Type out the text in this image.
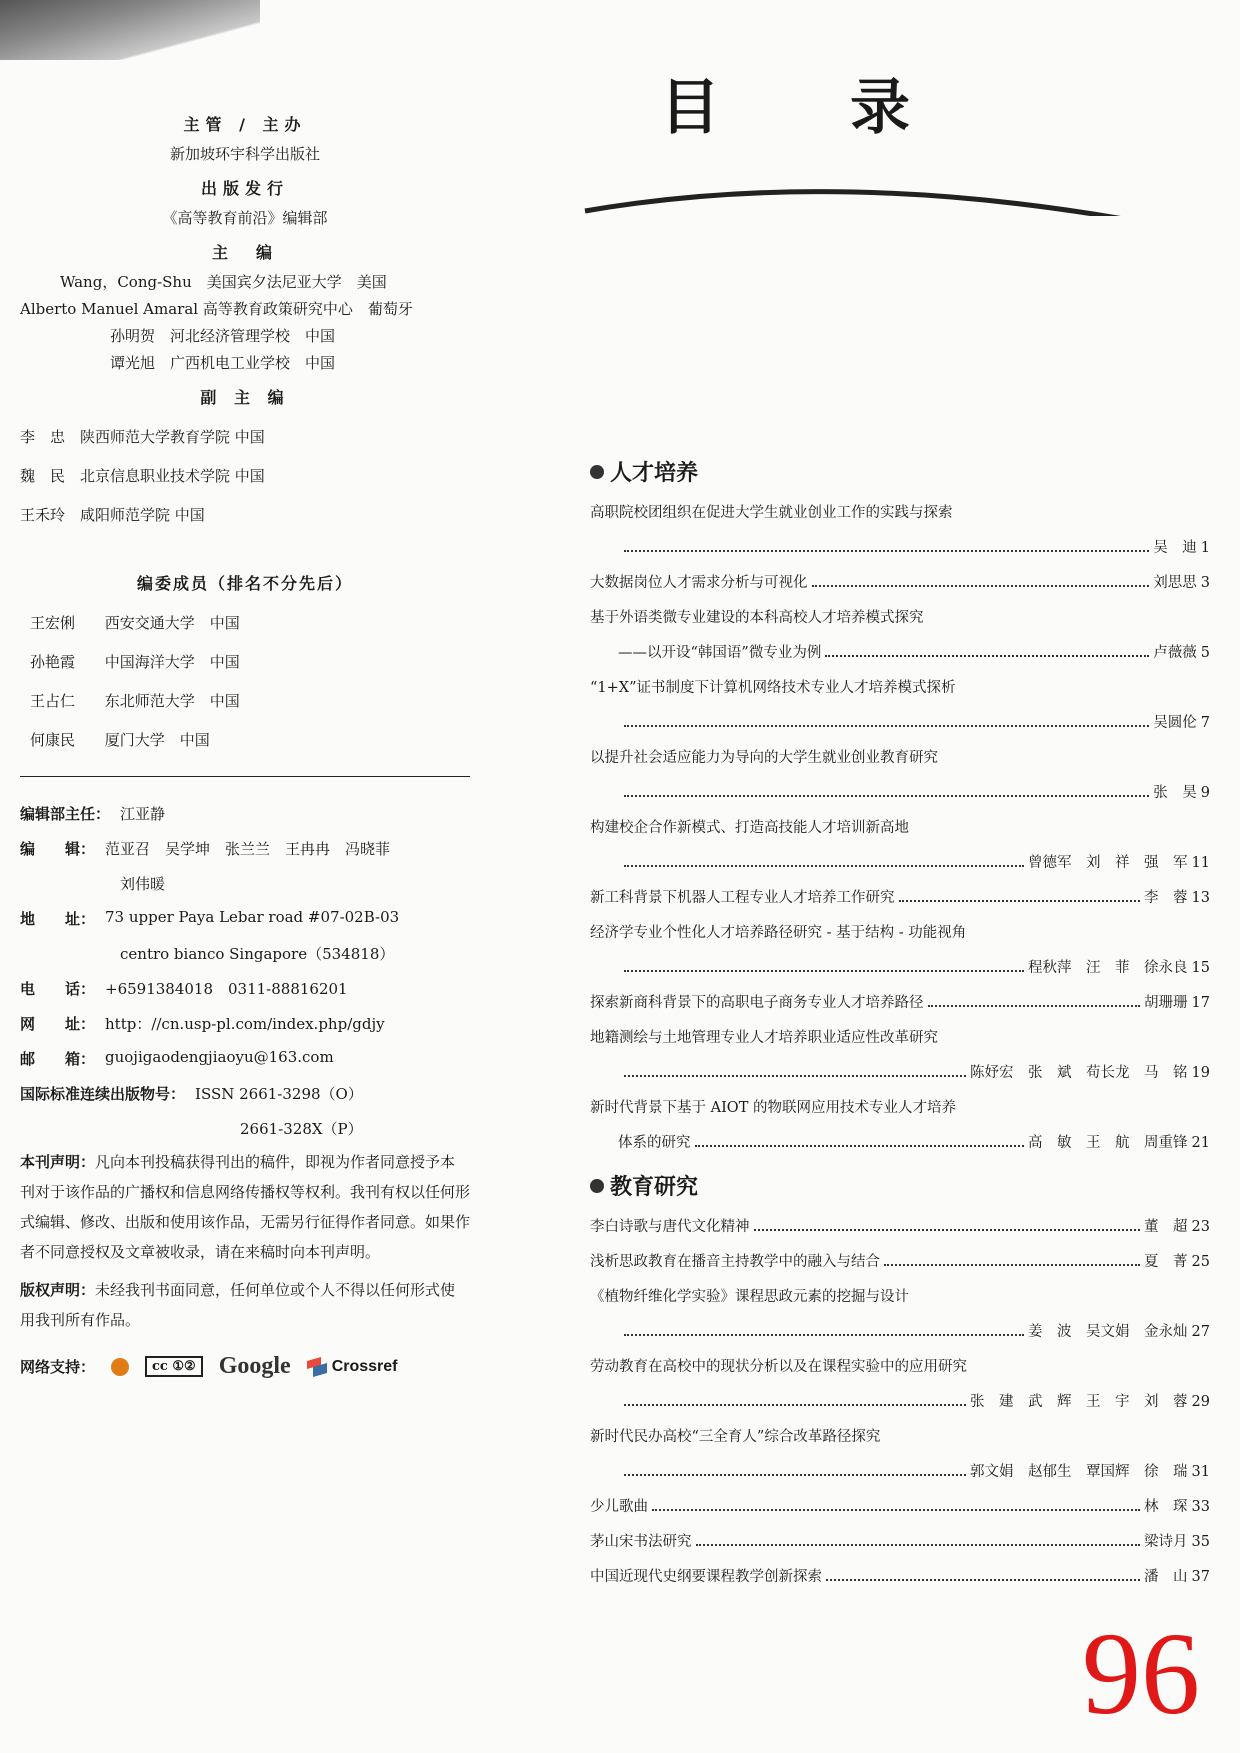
主管 / 主办
新加坡环宇科学出版社
出版发行
《高等教育前沿》编辑部
主　编
Wang，Cong-Shu　美国宾夕法尼亚大学　美国
Alberto Manuel Amaral 高等教育政策研究中心　葡萄牙
孙明贺　河北经济管理学校　中国
谭光旭　广西机电工业学校　中国
副 主 编
李　忠　陕西师范大学教育学院 中国
魏　民　北京信息职业技术学院 中国
王禾玲　咸阳师范学院 中国
编委成员（排名不分先后）
王宏俐 西安交通大学　中国
孙艳霞 中国海洋大学　中国
王占仁 东北师范大学　中国
何康民 厦门大学　中国
编辑部主任： 江亚静
编　　辑： 范亚召　吴学坤　张兰兰　王冉冉　冯晓菲
刘伟暖
地　　址： 73 upper Paya Lebar road #07-02B-03
centro bianco Singapore（534818）
电　　话： +6591384018　0311-88816201
网　　址： http：//cn.usp-pl.com/index.php/gdjy
邮　　箱： guojigaodengjiaoyu@163.com
国际标准连续出版物号： ISSN 2661-3298（O）
2661-328X（P）
本刊声明：凡向本刊投稿获得刊出的稿件，即视为作者同意授予本刊对于该作品的广播权和信息网络传播权等权利。我刊有权以任何形式编辑、修改、出版和使用该作品，无需另行征得作者同意。如果作者不同意授权及文章被收录，请在来稿时向本刊声明。
版权声明：未经我刊书面同意，任何单位或个人不得以任何形式使用我刊所有作品。
网络支持：	cc ①② Google	Crossref
目录
人才培养
高职院校团组织在促进大学生就业创业工作的实践与探索
吴　迪 1
大数据岗位人才需求分析与可视化	刘思思 3
基于外语类微专业建设的本科高校人才培养模式探究
——以开设“韩国语”微专业为例	卢薇薇 5
“1+X”证书制度下计算机网络技术专业人才培养模式探析
吴圆伦 7
以提升社会适应能力为导向的大学生就业创业教育研究
张　昊 9
构建校企合作新模式、打造高技能人才培训新高地
曾德军　刘　祥　强　军 11
新工科背景下机器人工程专业人才培养工作研究	李　蓉 13
经济学专业个性化人才培养路径研究 - 基于结构 - 功能视角
程秋萍　汪　菲　徐永良 15
探索新商科背景下的高职电子商务专业人才培养路径	胡珊珊 17
地籍测绘与土地管理专业人才培养职业适应性改革研究
陈妤宏　张　斌　苟长龙　马　铭 19
新时代背景下基于 AIOT 的物联网应用技术专业人才培养
体系的研究	高　敏　王　航　周重锋 21
教育研究
李白诗歌与唐代文化精神	董　超 23
浅析思政教育在播音主持教学中的融入与结合	夏　菁 25
《植物纤维化学实验》课程思政元素的挖掘与设计
姜　波　吴文娟　金永灿 27
劳动教育在高校中的现状分析以及在课程实验中的应用研究
张　建　武　辉　王　宇　刘　蓉 29
新时代民办高校“三全育人”综合改革路径探究
郭文娟　赵郁生　覃国辉　徐　瑞 31
少儿歌曲	林　琛 33
茅山宋书法研究	梁诗月 35
中国近现代史纲要课程教学创新探索	潘　山 37
96
